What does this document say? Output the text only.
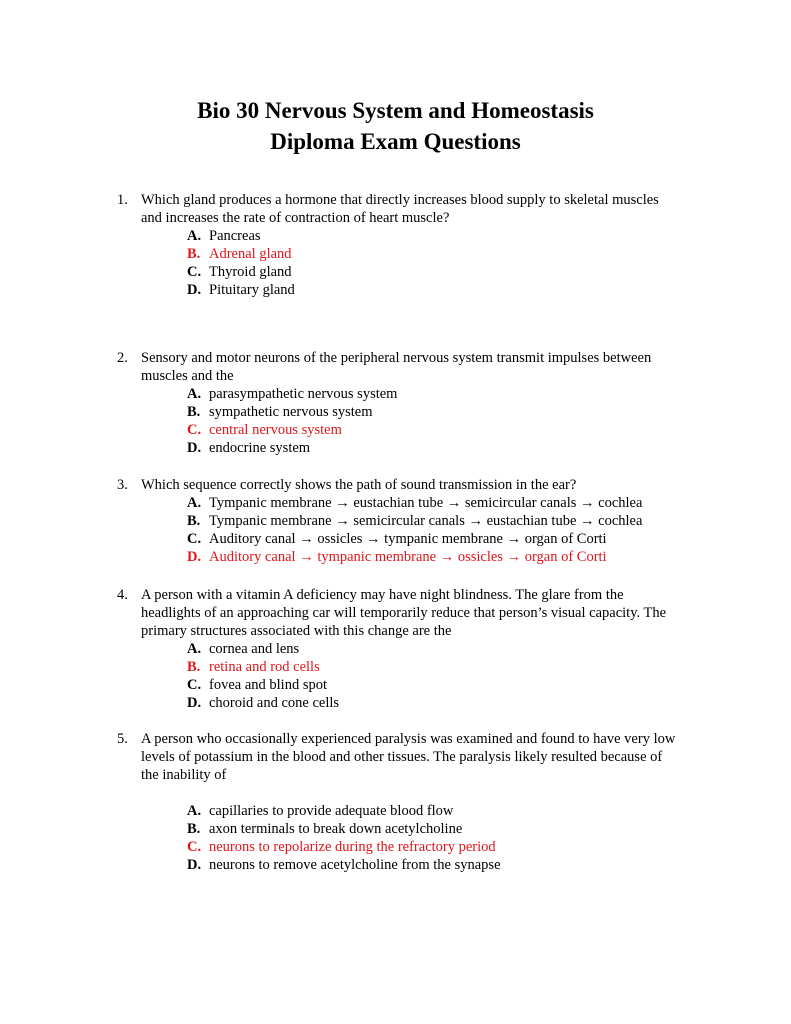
Bio 30 Nervous System and Homeostasis
Diploma Exam Questions
1. Which gland produces a hormone that directly increases blood supply to skeletal muscles and increases the rate of contraction of heart muscle?
A. Pancreas
B. Adrenal gland
C. Thyroid gland
D. Pituitary gland
2. Sensory and motor neurons of the peripheral nervous system transmit impulses between muscles and the
A. parasympathetic nervous system
B. sympathetic nervous system
C. central nervous system
D. endocrine system
3. Which sequence correctly shows the path of sound transmission in the ear?
A. Tympanic membrane → eustachian tube → semicircular canals → cochlea
B. Tympanic membrane → semicircular canals → eustachian tube → cochlea
C. Auditory canal → ossicles → tympanic membrane → organ of Corti
D. Auditory canal → tympanic membrane → ossicles → organ of Corti
4. A person with a vitamin A deficiency may have night blindness. The glare from the headlights of an approaching car will temporarily reduce that person’s visual capacity. The primary structures associated with this change are the
A. cornea and lens
B. retina and rod cells
C. fovea and blind spot
D. choroid and cone cells
5. A person who occasionally experienced paralysis was examined and found to have very low levels of potassium in the blood and other tissues. The paralysis likely resulted because of the inability of
A. capillaries to provide adequate blood flow
B. axon terminals to break down acetylcholine
C. neurons to repolarize during the refractory period
D. neurons to remove acetylcholine from the synapse
